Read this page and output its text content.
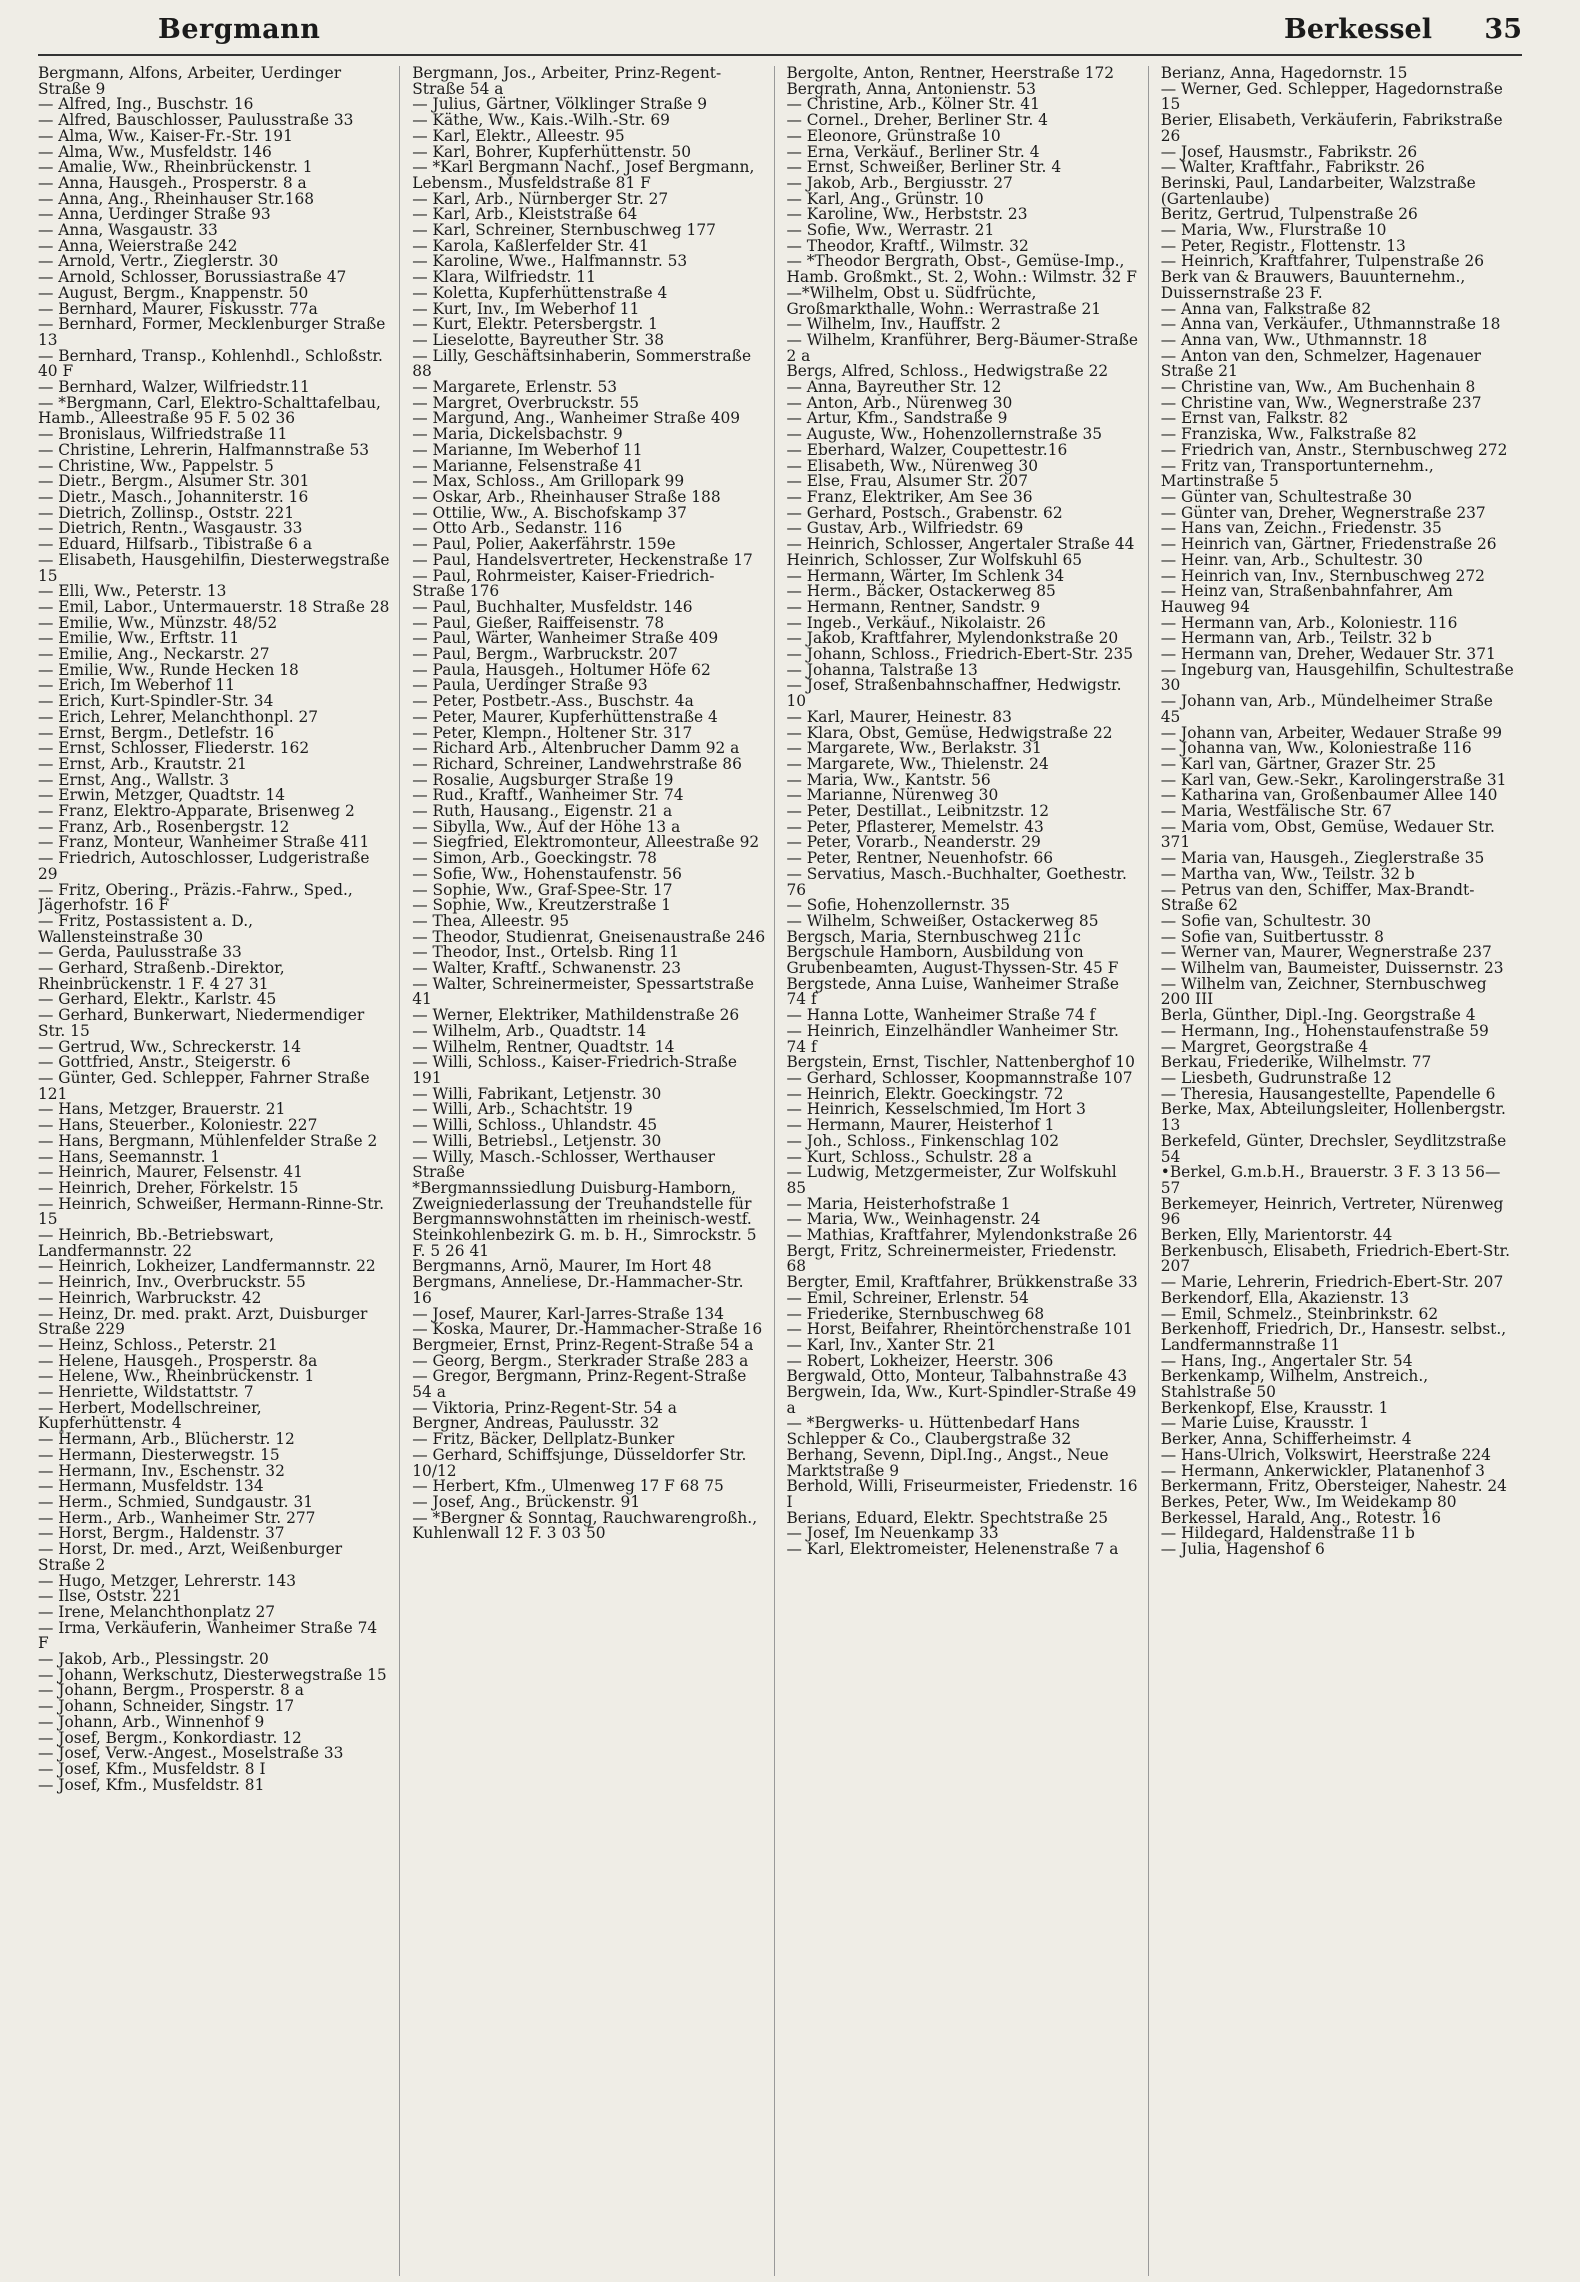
Bergmann	Berkessel 35

Bergmann, Alfons, Arbeiter, Uerdinger Straße 9

— Alfred, Ing., Buschstr. 16

— Alfred, Bauschlosser, Paulusstraße 33

— Alma, Ww., Kaiser-Fr.-Str. 191

— Alma, Ww., Musfeldstr. 146

— Amalie, Ww., Rheinbrückenstr. 1

— Anna, Hausgeh., Prosperstr. 8 a

— Anna, Ang., Rheinhauser Str.168

— Anna, Uerdinger Straße 93

— Anna, Wasgaustr. 33

— Anna, Weierstraße 242

— Arnold, Vertr., Zieglerstr. 30

— Arnold, Schlosser, Borussiastraße 47

— August, Bergm., Knappenstr. 50

— Bernhard, Maurer, Fiskusstr. 77a

— Bernhard, Former, Mecklenburger Straße 13

— Bernhard, Transp., Kohlenhdl., Schloßstr. 40 F

— Bernhard, Walzer, Wilfriedstr.11

— *Bergmann, Carl, Elektro-Schalttafelbau, Hamb., Alleestraße 95 F. 5 02 36

— Bronislaus, Wilfriedstraße 11

— Christine, Lehrerin, Halfmannstraße 53

— Christine, Ww., Pappelstr. 5

— Dietr., Bergm., Alsumer Str. 301

— Dietr., Masch., Johanniterstr. 16

— Dietrich, Zollinsp., Oststr. 221

— Dietrich, Rentn., Wasgaustr. 33

— Eduard, Hilfsarb., Tibistraße 6 a

— Elisabeth, Hausgehilfin, Diesterwegstraße 15

— Elli, Ww., Peterstr. 13

— Emil, Labor., Untermauerstr. 18 Straße 28

— Emilie, Ww., Münzstr. 48/52

— Emilie, Ww., Erftstr. 11

— Emilie, Ang., Neckarstr. 27

— Emilie, Ww., Runde Hecken 18

— Erich, Im Weberhof 11

— Erich, Kurt-Spindler-Str. 34

— Erich, Lehrer, Melanchthonpl. 27

— Ernst, Bergm., Detlefstr. 16

— Ernst, Schlosser, Fliederstr. 162

— Ernst, Arb., Krautstr. 21

— Ernst, Ang., Wallstr. 3

— Erwin, Metzger, Quadtstr. 14

— Franz, Elektro-Apparate, Brisenweg 2

— Franz, Arb., Rosenbergstr. 12

— Franz, Monteur, Wanheimer Straße 411

— Friedrich, Autoschlosser, Ludgeristraße 29

— Fritz, Obering., Präzis.-Fahrw., Sped., Jägerhofstr. 16 F

— Fritz, Postassistent a. D., Wallensteinstraße 30

— Gerda, Paulusstraße 33

— Gerhard, Straßenb.-Direktor, Rheinbrückenstr. 1 F. 4 27 31

— Gerhard, Elektr., Karlstr. 45

— Gerhard, Bunkerwart, Niedermendiger Str. 15

— Gertrud, Ww., Schreckerstr. 14

— Gottfried, Anstr., Steigerstr. 6

— Günter, Ged. Schlepper, Fahrner Straße 121

— Hans, Metzger, Brauerstr. 21

— Hans, Steuerber., Koloniestr. 227

— Hans, Bergmann, Mühlenfelder Straße 2

— Hans, Seemannstr. 1

— Heinrich, Maurer, Felsenstr. 41

— Heinrich, Dreher, Förkelstr. 15

— Heinrich, Schweißer, Hermann-Rinne-Str. 15

— Heinrich, Bb.-Betriebswart, Landfermannstr. 22

— Heinrich, Lokheizer, Landfermannstr. 22

— Heinrich, Inv., Overbruckstr. 55

— Heinrich, Warbruckstr. 42

— Heinz, Dr. med. prakt. Arzt, Duisburger Straße 229

— Heinz, Schloss., Peterstr. 21

— Helene, Hausgeh., Prosperstr. 8a

— Helene, Ww., Rheinbrückenstr. 1

— Henriette, Wildstattstr. 7

— Herbert, Modellschreiner, Kupferhüttenstr. 4

— Hermann, Arb., Blücherstr. 12

— Hermann, Diesterwegstr. 15

— Hermann, Inv., Eschenstr. 32

— Hermann, Musfeldstr. 134

— Herm., Schmied, Sundgaustr. 31

— Herm., Arb., Wanheimer Str. 277

— Horst, Bergm., Haldenstr. 37

— Horst, Dr. med., Arzt, Weißenburger Straße 2

— Hugo, Metzger, Lehrerstr. 143

— Ilse, Oststr. 221

— Irene, Melanchthonplatz 27

— Irma, Verkäuferin, Wanheimer Straße 74 F

— Jakob, Arb., Plessingstr. 20

— Johann, Werkschutz, Diesterwegstraße 15

— Johann, Bergm., Prosperstr. 8 a

— Johann, Schneider, Singstr. 17

— Johann, Arb., Winnenhof 9

— Josef, Bergm., Konkordiastr. 12

— Josef, Verw.-Angest., Moselstraße 33

— Josef, Kfm., Musfeldstr. 8 I

— Josef, Kfm., Musfeldstr. 81

Bergmann, Jos., Arbeiter, Prinz-Regent-Straße 54 a

— Julius, Gärtner, Völklinger Straße 9

— Käthe, Ww., Kais.-Wilh.-Str. 69

— Karl, Elektr., Alleestr. 95

— Karl, Bohrer, Kupferhüttenstr. 50

— *Karl Bergmann Nachf., Josef Bergmann, Lebensm., Musfeldstraße 81 F

— Karl, Arb., Nürnberger Str. 27

— Karl, Arb., Kleiststraße 64

— Karl, Schreiner, Sternbuschweg 177

— Karola, Kaßlerfelder Str. 41

— Karoline, Wwe., Halfmannstr. 53

— Klara, Wilfriedstr. 11

— Koletta, Kupferhüttenstraße 4

— Kurt, Inv., Im Weberhof 11

— Kurt, Elektr. Petersbergstr. 1

— Lieselotte, Bayreuther Str. 38

— Lilly, Geschäftsinhaberin, Sommerstraße 88

— Margarete, Erlenstr. 53

— Margret, Overbruckstr. 55

— Margund, Ang., Wanheimer Straße 409

— Maria, Dickelsbachstr. 9

— Marianne, Im Weberhof 11

— Marianne, Felsenstraße 41

— Max, Schloss., Am Grillopark 99

— Oskar, Arb., Rheinhauser Straße 188

— Ottilie, Ww., A. Bischofskamp 37

— Otto Arb., Sedanstr. 116

— Paul, Polier, Aakerfährstr. 159e

— Paul, Handelsvertreter, Heckenstraße 17

— Paul, Rohrmeister, Kaiser-Friedrich-Straße 176

— Paul, Buchhalter, Musfeldstr. 146

— Paul, Gießer, Raiffeisenstr. 78

— Paul, Wärter, Wanheimer Straße 409

— Paul, Bergm., Warbruckstr. 207

— Paula, Hausgeh., Holtumer Höfe 62

— Paula, Uerdinger Straße 93

— Peter, Postbetr.-Ass., Buschstr. 4a

— Peter, Maurer, Kupferhüttenstraße 4

— Peter, Klempn., Holtener Str. 317

— Richard Arb., Altenbrucher Damm 92 a

— Richard, Schreiner, Landwehrstraße 86

— Rosalie, Augsburger Straße 19

— Rud., Kraftf., Wanheimer Str. 74

— Ruth, Hausang., Eigenstr. 21 a

— Sibylla, Ww., Auf der Höhe 13 a

— Siegfried, Elektromonteur, Alleestraße 92

— Simon, Arb., Goeckingstr. 78

— Sofie, Ww., Hohenstaufenstr. 56

— Sophie, Ww., Graf-Spee-Str. 17

— Sophie, Ww., Kreutzerstraße 1

— Thea, Alleestr. 95

— Theodor, Studienrat, Gneisenaustraße 246

— Theodor, Inst., Ortelsb. Ring 11

— Walter, Kraftf., Schwanenstr. 23

— Walter, Schreinermeister, Spessartstraße 41

— Werner, Elektriker, Mathildenstraße 26

— Wilhelm, Arb., Quadtstr. 14

— Wilhelm, Rentner, Quadtstr. 14

— Willi, Schloss., Kaiser-Friedrich-Straße 191

— Willi, Fabrikant, Letjenstr. 30

— Willi, Arb., Schachtstr. 19

— Willi, Schloss., Uhlandstr. 45

— Willi, Betriebsl., Letjenstr. 30

— Willy, Masch.-Schlosser, Werthauser Straße

*Bergmannssiedlung Duisburg-Hamborn, Zweigniederlassung der Treuhandstelle für Bergmannswohnstätten im rheinisch-westf. Steinkohlenbezirk G. m. b. H., Simrockstr. 5 F. 5 26 41

Bergmanns, Arnö, Maurer, Im Hort 48

Bergmans, Anneliese, Dr.-Hammacher-Str. 16

— Josef, Maurer, Karl-Jarres-Straße 134

— Koska, Maurer, Dr.-Hammacher-Straße 16

Bergmeier, Ernst, Prinz-Regent-Straße 54 a

— Georg, Bergm., Sterkrader Straße 283 a

— Gregor, Bergmann, Prinz-Regent-Straße 54 a

— Viktoria, Prinz-Regent-Str. 54 a

Bergner, Andreas, Paulusstr. 32

— Fritz, Bäcker, Dellplatz-Bunker

— Gerhard, Schiffsjunge, Düsseldorfer Str. 10/12

— Herbert, Kfm., Ulmenweg 17 F 68 75

— Josef, Ang., Brückenstr. 91

— *Bergner & Sonntag, Rauchwarengroßh., Kuhlenwall 12 F. 3 03 50

Bergolte, Anton, Rentner, Heerstraße 172

Bergrath, Anna, Antonienstr. 53

— Christine, Arb., Kölner Str. 41

— Cornel., Dreher, Berliner Str. 4

— Eleonore, Grünstraße 10

— Erna, Verkäuf., Berliner Str. 4

— Ernst, Schweißer, Berliner Str. 4

— Jakob, Arb., Bergiusstr. 27

— Karl, Ang., Grünstr. 10

— Karoline, Ww., Herbststr. 23

— Sofie, Ww., Werrastr. 21

— Theodor, Kraftf., Wilmstr. 32

— *Theodor Bergrath, Obst-, Gemüse-Imp., Hamb. Großmkt., St. 2, Wohn.: Wilmstr. 32 F

—*Wilhelm, Obst u. Südfrüchte, Großmarkthalle, Wohn.: Werrastraße 21

— Wilhelm, Inv., Hauffstr. 2

— Wilhelm, Kranführer, Berg-Bäumer-Straße 2 a

Bergs, Alfred, Schloss., Hedwigstraße 22

— Anna, Bayreuther Str. 12

— Anton, Arb., Nürenweg 30

— Artur, Kfm., Sandstraße 9

— Auguste, Ww., Hohenzollernstraße 35

— Eberhard, Walzer, Coupettestr.16

— Elisabeth, Ww., Nürenweg 30

— Else, Frau, Alsumer Str. 207

— Franz, Elektriker, Am See 36

— Gerhard, Postsch., Grabenstr. 62

— Gustav, Arb., Wilfriedstr. 69

— Heinrich, Schlosser, Angertaler Straße 44

Heinrich, Schlosser, Zur Wolfskuhl 65

— Hermann, Wärter, Im Schlenk 34

— Herm., Bäcker, Ostackerweg 85

— Hermann, Rentner, Sandstr. 9

— Ingeb., Verkäuf., Nikolaistr. 26

— Jakob, Kraftfahrer, Mylendonkstraße 20

— Johann, Schloss., Friedrich-Ebert-Str. 235

— Johanna, Talstraße 13

— Josef, Straßenbahnschaffner, Hedwigstr. 10

— Karl, Maurer, Heinestr. 83

— Klara, Obst, Gemüse, Hedwigstraße 22

— Margarete, Ww., Berlakstr. 31

— Margarete, Ww., Thielenstr. 24

— Maria, Ww., Kantstr. 56

— Marianne, Nürenweg 30

— Peter, Destillat., Leibnitzstr. 12

— Peter, Pflasterer, Memelstr. 43

— Peter, Vorarb., Neanderstr. 29

— Peter, Rentner, Neuenhofstr. 66

— Servatius, Masch.-Buchhalter, Goethestr. 76

— Sofie, Hohenzollernstr. 35

— Wilhelm, Schweißer, Ostackerweg 85

Bergsch, Maria, Sternbuschweg 211c

Bergschule Hamborn, Ausbildung von Grubenbeamten, August-Thyssen-Str. 45 F

Bergstede, Anna Luise, Wanheimer Straße 74 f

— Hanna Lotte, Wanheimer Straße 74 f

— Heinrich, Einzelhändler Wanheimer Str. 74 f

Bergstein, Ernst, Tischler, Nattenberghof 10

— Gerhard, Schlosser, Koopmannstraße 107

— Heinrich, Elektr. Goeckingstr. 72

— Heinrich, Kesselschmied, Im Hort 3

— Hermann, Maurer, Heisterhof 1

— Joh., Schloss., Finkenschlag 102

— Kurt, Schloss., Schulstr. 28 a

— Ludwig, Metzgermeister, Zur Wolfskuhl 85

— Maria, Heisterhofstraße 1

— Maria, Ww., Weinhagenstr. 24

— Mathias, Kraftfahrer, Mylendonkstraße 26

Bergt, Fritz, Schreinermeister, Friedenstr. 68

Bergter, Emil, Kraftfahrer, Brükkenstraße 33

— Emil, Schreiner, Erlenstr. 54

— Friederike, Sternbuschweg 68

— Horst, Beifahrer, Rheintörchenstraße 101

— Karl, Inv., Xanter Str. 21

— Robert, Lokheizer, Heerstr. 306

Bergwald, Otto, Monteur, Talbahnstraße 43

Bergwein, Ida, Ww., Kurt-Spindler-Straße 49 a

— *Bergwerks- u. Hüttenbedarf Hans Schlepper & Co., Claubergstraße 32

Berhang, Sevenn, Dipl.Ing., Angst., Neue Marktstraße 9

Berhold, Willi, Friseurmeister, Friedenstr. 16 I

Berians, Eduard, Elektr. Spechtstraße 25

— Josef, Im Neuenkamp 33

— Karl, Elektromeister, Helenenstraße 7 a

Berianz, Anna, Hagedornstr. 15

— Werner, Ged. Schlepper, Hagedornstraße 15

Berier, Elisabeth, Verkäuferin, Fabrikstraße 26

— Josef, Hausmstr., Fabrikstr. 26

— Walter, Kraftfahr., Fabrikstr. 26

Berinski, Paul, Landarbeiter, Walzstraße (Gartenlaube)

Beritz, Gertrud, Tulpenstraße 26

— Maria, Ww., Flurstraße 10

— Peter, Registr., Flottenstr. 13

— Heinrich, Kraftfahrer, Tulpenstraße 26

Berk van & Brauwers, Bauunternehm., Duissernstraße 23 F.

— Anna van, Falkstraße 82

— Anna van, Verkäufer., Uthmannstraße 18

— Anna van, Ww., Uthmannstr. 18

— Anton van den, Schmelzer, Hagenauer Straße 21

— Christine van, Ww., Am Buchenhain 8

— Christine van, Ww., Wegnerstraße 237

— Ernst van, Falkstr. 82

— Franziska, Ww., Falkstraße 82

— Friedrich van, Anstr., Sternbuschweg 272

— Fritz van, Transportunternehm., Martinstraße 5

— Günter van, Schultestraße 30

— Günter van, Dreher, Wegnerstraße 237

— Hans van, Zeichn., Friedenstr. 35

— Heinrich van, Gärtner, Friedenstraße 26

— Heinr. van, Arb., Schultestr. 30

— Heinrich van, Inv., Sternbuschweg 272

— Heinz van, Straßenbahnfahrer, Am Hauweg 94

— Hermann van, Arb., Koloniestr. 116

— Hermann van, Arb., Teilstr. 32 b

— Hermann van, Dreher, Wedauer Str. 371

— Ingeburg van, Hausgehilfin, Schultestraße 30

— Johann van, Arb., Mündelheimer Straße 45

— Johann van, Arbeiter, Wedauer Straße 99

— Johanna van, Ww., Koloniestraße 116

— Karl van, Gärtner, Grazer Str. 25

— Karl van, Gew.-Sekr., Karolingerstraße 31

— Katharina van, Großenbaumer Allee 140

— Maria, Westfälische Str. 67

— Maria vom, Obst, Gemüse, Wedauer Str. 371

— Maria van, Hausgeh., Zieglerstraße 35

— Martha van, Ww., Teilstr. 32 b

— Petrus van den, Schiffer, Max-Brandt-Straße 62

— Sofie van, Schultestr. 30

— Sofie van, Suitbertusstr. 8

— Werner van, Maurer, Wegnerstraße 237

— Wilhelm van, Baumeister, Duissernstr. 23

— Wilhelm van, Zeichner, Sternbuschweg 200 III

Berla, Günther, Dipl.-Ing. Georgstraße 4

— Hermann, Ing., Hohenstaufenstraße 59

— Margret, Georgstraße 4

Berkau, Friederike, Wilhelmstr. 77

— Liesbeth, Gudrunstraße 12

— Theresia, Hausangestellte, Papendelle 6

Berke, Max, Abteilungsleiter, Hollenbergstr. 13

Berkefeld, Günter, Drechsler, Seydlitzstraße 54

•Berkel, G.m.b.H., Brauerstr. 3 F. 3 13 56—57

Berkemeyer, Heinrich, Vertreter, Nürenweg 96

Berken, Elly, Marientorstr. 44

Berkenbusch, Elisabeth, Friedrich-Ebert-Str. 207

— Marie, Lehrerin, Friedrich-Ebert-Str. 207

Berkendorf, Ella, Akazienstr. 13

— Emil, Schmelz., Steinbrinkstr. 62

Berkenhoff, Friedrich, Dr., Hansestr. selbst., Landfermannstraße 11

— Hans, Ing., Angertaler Str. 54

Berkenkamp, Wilhelm, Anstreich., Stahlstraße 50

Berkenkopf, Else, Krausstr. 1

— Marie Luise, Krausstr. 1

Berker, Anna, Schifferheimstr. 4

— Hans-Ulrich, Volkswirt, Heerstraße 224

— Hermann, Ankerwickler, Platanenhof 3

Berkermann, Fritz, Obersteiger, Nahestr. 24

Berkes, Peter, Ww., Im Weidekamp 80

Berkessel, Harald, Ang., Rotestr. 16

— Hildegard, Haldenstraße 11 b

— Julia, Hagenshof 6
